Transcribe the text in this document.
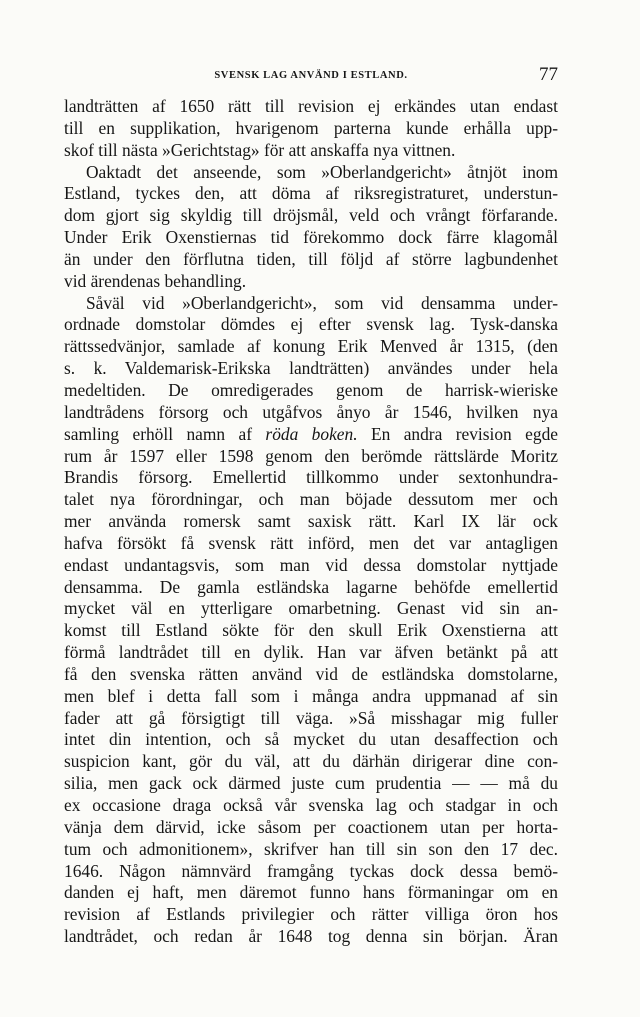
SVENSK LAG ANVÄND I ESTLAND.	77
landträtten af 1650 rätt till revision ej erkändes utan endast
till en supplikation, hvarigenom parterna kunde erhålla upp-
skof till nästa »Gerichtstag» för att anskaffa nya vittnen.
Oaktadt det anseende, som »Oberlandgericht» åtnjöt inom
Estland, tyckes den, att döma af riksregistraturet, understun-
dom gjort sig skyldig till dröjsmål, veld och vrångt förfarande.
Under Erik Oxenstiernas tid förekommo dock färre klagomål
än under den förflutna tiden, till följd af större lagbundenhet
vid ärendenas behandling.
Såväl vid »Oberlandgericht», som vid densamma under-
ordnade domstolar dömdes ej efter svensk lag. Tysk-danska
rättssedvänjor, samlade af konung Erik Menved år 1315, (den
s. k. Valdemarisk-Erikska landträtten) användes under hela
medeltiden. De omredigerades genom de harrisk-wieriske
landtrådens försorg och utgåfvos ånyo år 1546, hvilken nya
samling erhöll namn af röda boken. En andra revision egde
rum år 1597 eller 1598 genom den berömde rättslärde Moritz
Brandis försorg. Emellertid tillkommo under sextonhundra-
talet nya förordningar, och man böjade dessutom mer och
mer använda romersk samt saxisk rätt. Karl IX lär ock
hafva försökt få svensk rätt införd, men det var antagligen
endast undantagsvis, som man vid dessa domstolar nyttjade
densamma. De gamla estländska lagarne behöfde emellertid
mycket väl en ytterligare omarbetning. Genast vid sin an-
komst till Estland sökte för den skull Erik Oxenstierna att
förmå landtrådet till en dylik. Han var äfven betänkt på att
få den svenska rätten använd vid de estländska domstolarne,
men blef i detta fall som i många andra uppmanad af sin
fader att gå försigtigt till väga. »Så misshagar mig fuller
intet din intention, och så mycket du utan desaffection och
suspicion kant, gör du väl, att du därhän dirigerar dine con-
silia, men gack ock därmed juste cum prudentia — — må du
ex occasione draga också vår svenska lag och stadgar in och
vänja dem därvid, icke såsom per coactionem utan per horta-
tum och admonitionem», skrifver han till sin son den 17 dec.
1646. Någon nämnvärd framgång tyckas dock dessa bemö-
danden ej haft, men däremot funno hans förmaningar om en
revision af Estlands privilegier och rätter villiga öron hos
landtrådet, och redan år 1648 tog denna sin början. Äran
